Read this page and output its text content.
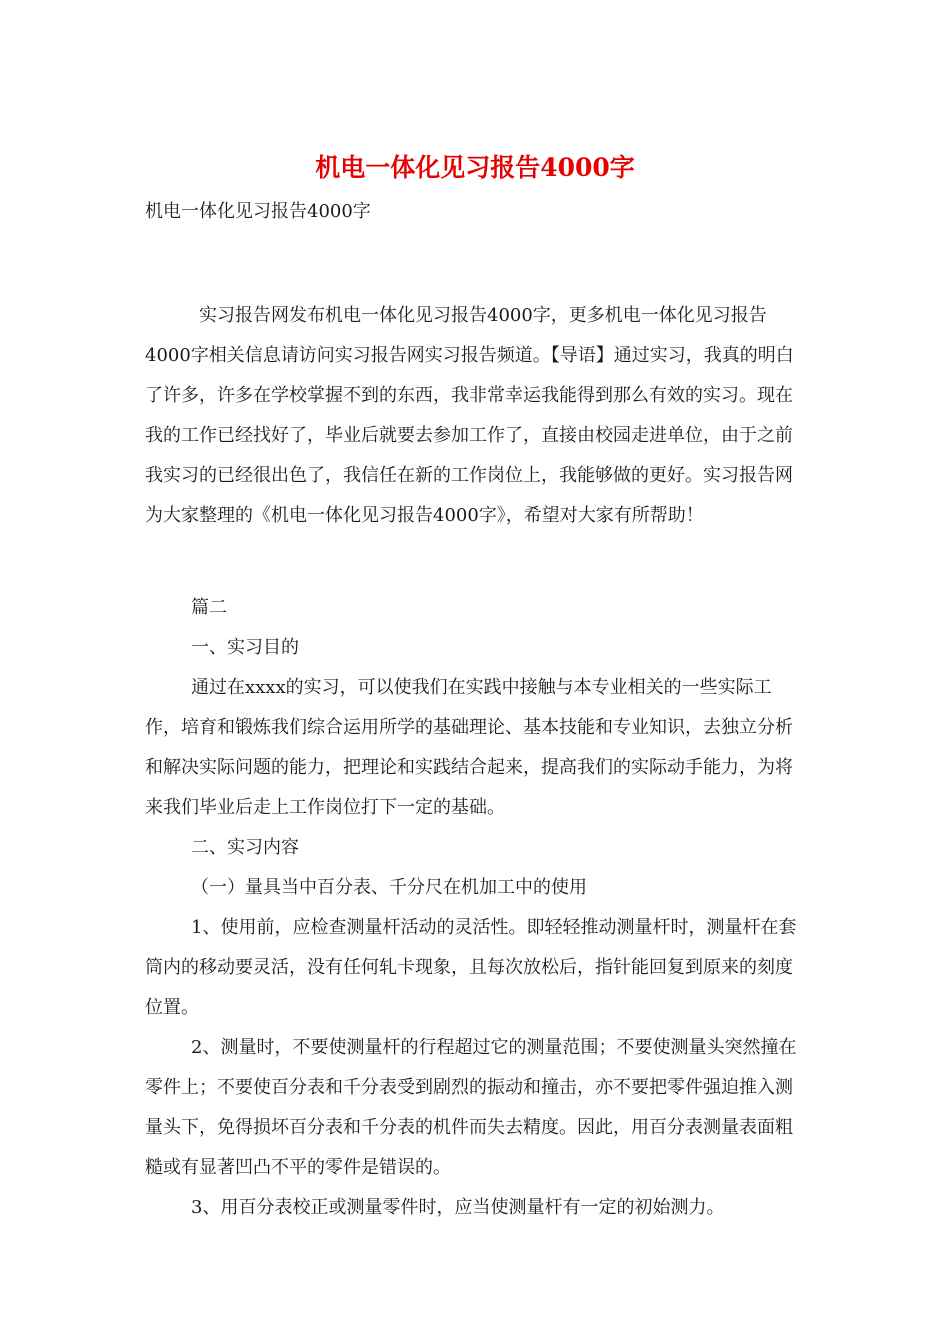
机电一体化见习报告4000字

机电一体化见习报告4000字

实习报告网发布机电一体化见习报告4000字，更多机电一体化见习报告4000字相关信息请访问实习报告网实习报告频道。【导语】通过实习，我真的明白了许多，许多在学校掌握不到的东西，我非常幸运我能得到那么有效的实习。现在我的工作已经找好了，毕业后就要去参加工作了，直接由校园走进单位，由于之前我实习的已经很出色了，我信任在新的工作岗位上，我能够做的更好。实习报告网为大家整理的《机电一体化见习报告4000字》，希望对大家有所帮助！

篇二

一、实习目的

通过在xxxx的实习，可以使我们在实践中接触与本专业相关的一些实际工作，培育和锻炼我们综合运用所学的基础理论、基本技能和专业知识，去独立分析和解决实际问题的能力，把理论和实践结合起来，提高我们的实际动手能力，为将来我们毕业后走上工作岗位打下一定的基础。

二、实习内容

（一）量具当中百分表、千分尺在机加工中的使用

1、使用前，应检查测量杆活动的灵活性。即轻轻推动测量杆时，测量杆在套筒内的移动要灵活，没有任何轧卡现象，且每次放松后，指针能回复到原来的刻度位置。

2、测量时，不要使测量杆的行程超过它的测量范围；不要使测量头突然撞在零件上；不要使百分表和千分表受到剧烈的振动和撞击，亦不要把零件强迫推入测量头下，免得损坏百分表和千分表的机件而失去精度。因此，用百分表测量表面粗糙或有显著凹凸不平的零件是错误的。

3、用百分表校正或测量零件时，应当使测量杆有一定的初始测力。
